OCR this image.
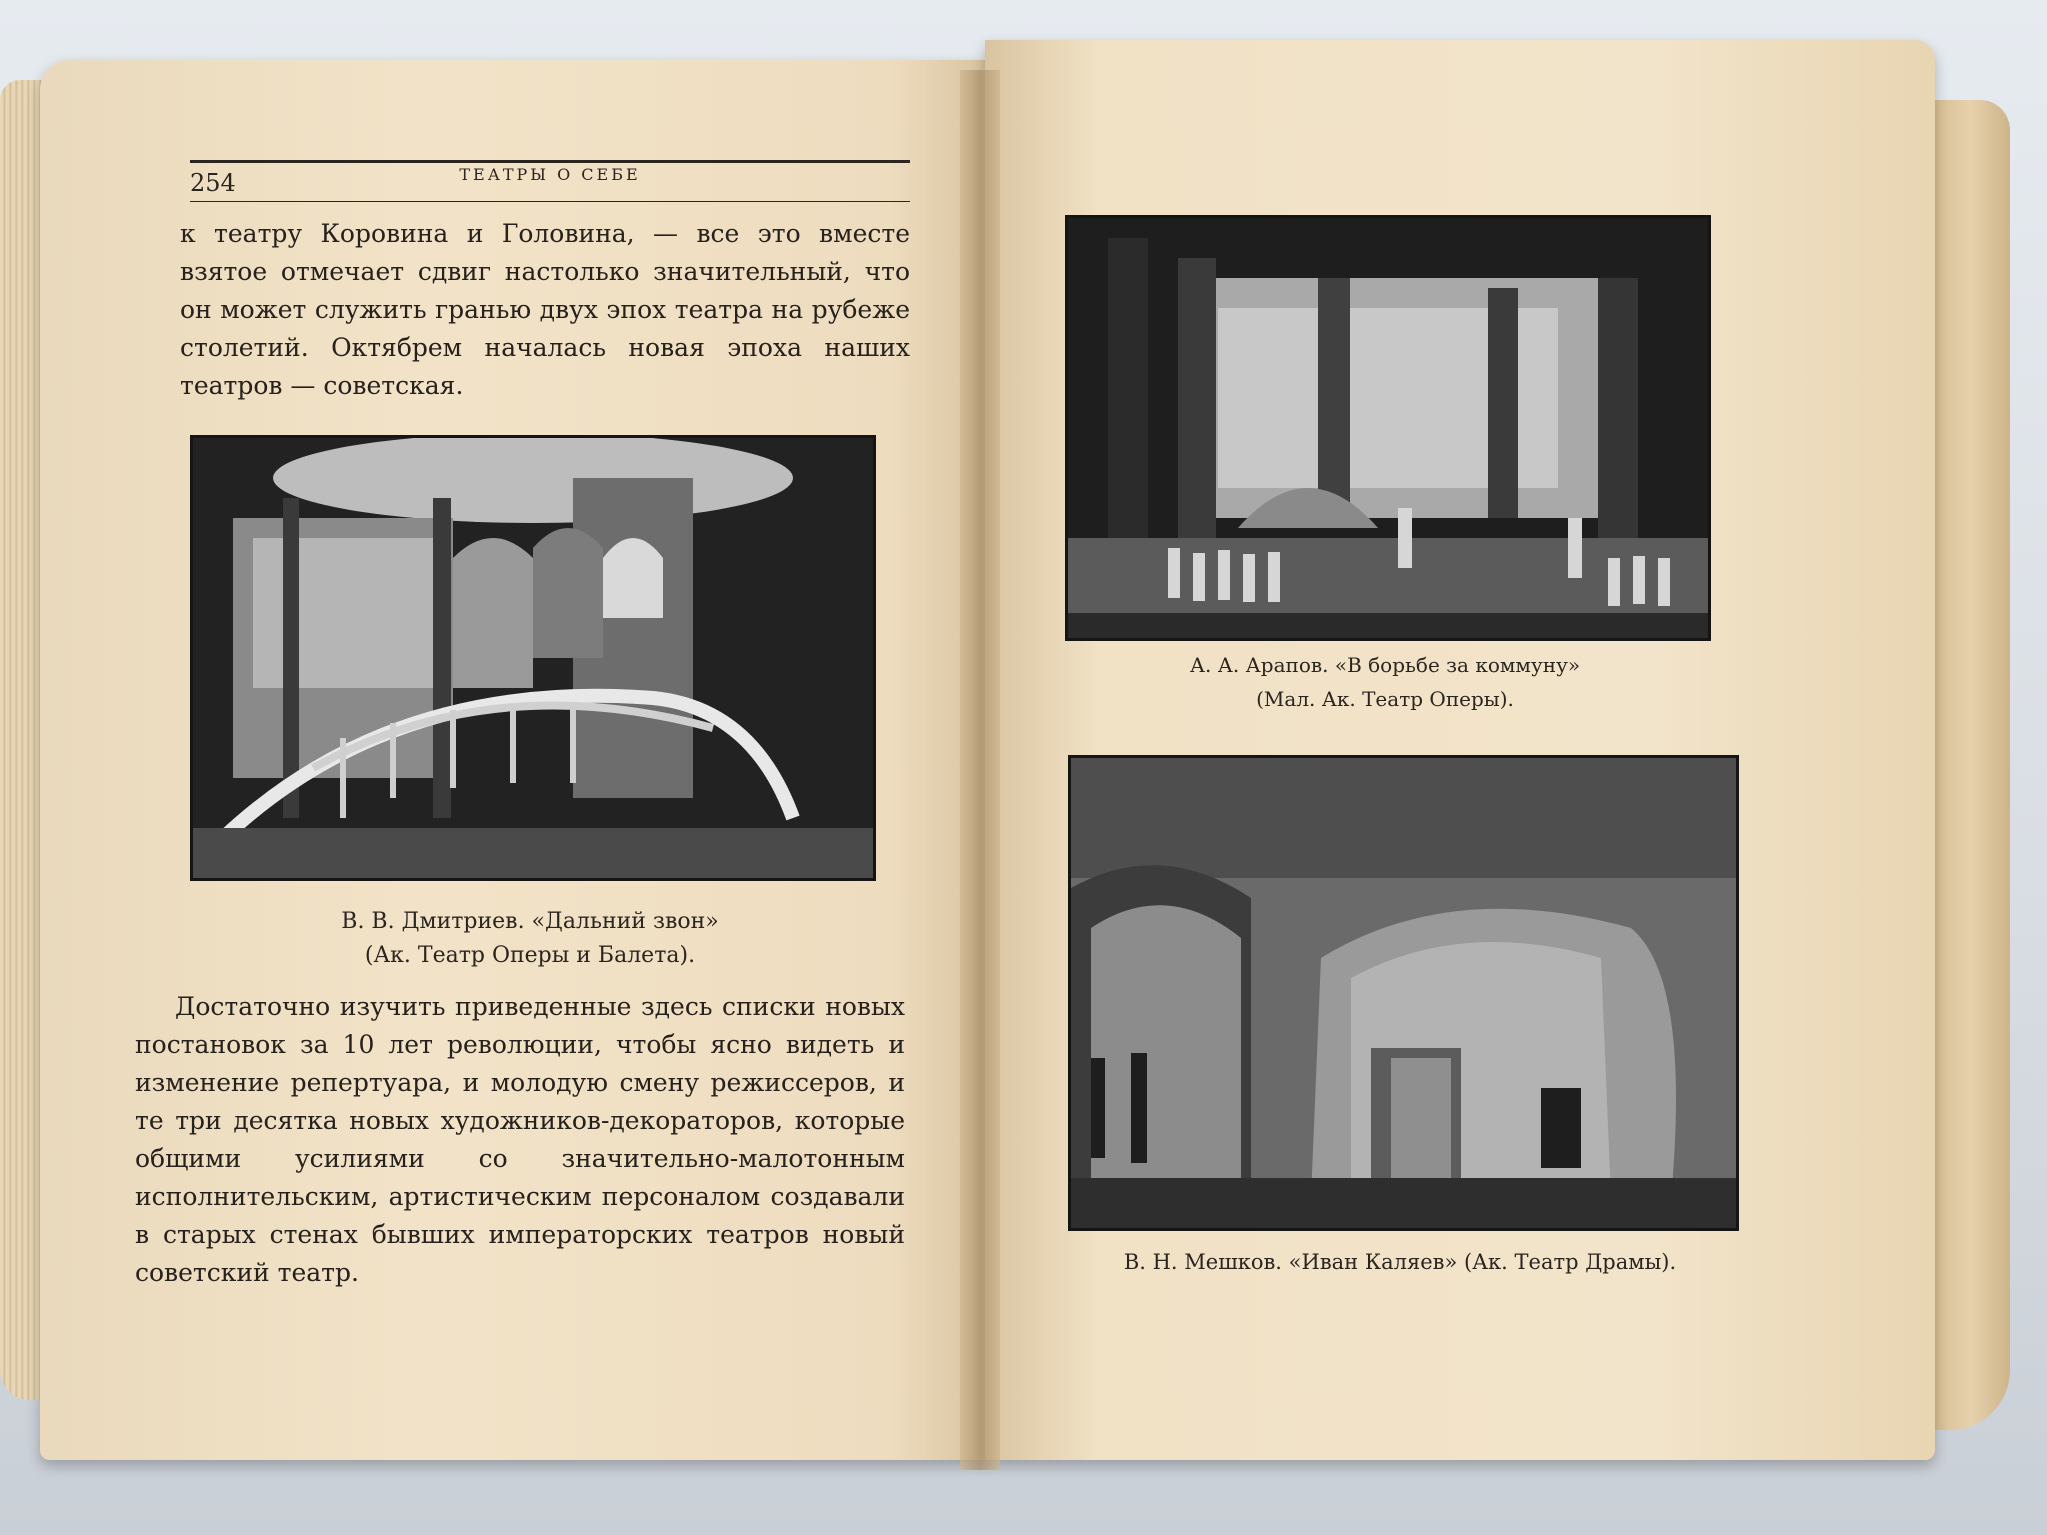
254	ТЕАТРЫ О СЕБЕ
к театру Коровина и Головина, — все это вместе взятое отмечает сдвиг настолько значительный, что он может служить гранью двух эпох театра на рубеже столетий. Октябрем началась новая эпоха наших театров — советская.
В. В. Дмитриев. «Дальний звон»
(Ак. Театр Оперы и Балета).
Достаточно изучить приведенные здесь списки новых постановок за 10 лет революции, чтобы ясно видеть и изменение репертуара, и молодую смену режиссеров, и те три десятка новых художников-декораторов, которые общими усилиями со значительно-малотонным исполнительским, артистическим персоналом создавали в старых стенах бывших императорских театров новый советский театр.
А. А. Арапов. «В борьбе за коммуну»
(Мал. Ак. Театр Оперы).
В. Н. Мешков. «Иван Каляев» (Ак. Театр Драмы).
